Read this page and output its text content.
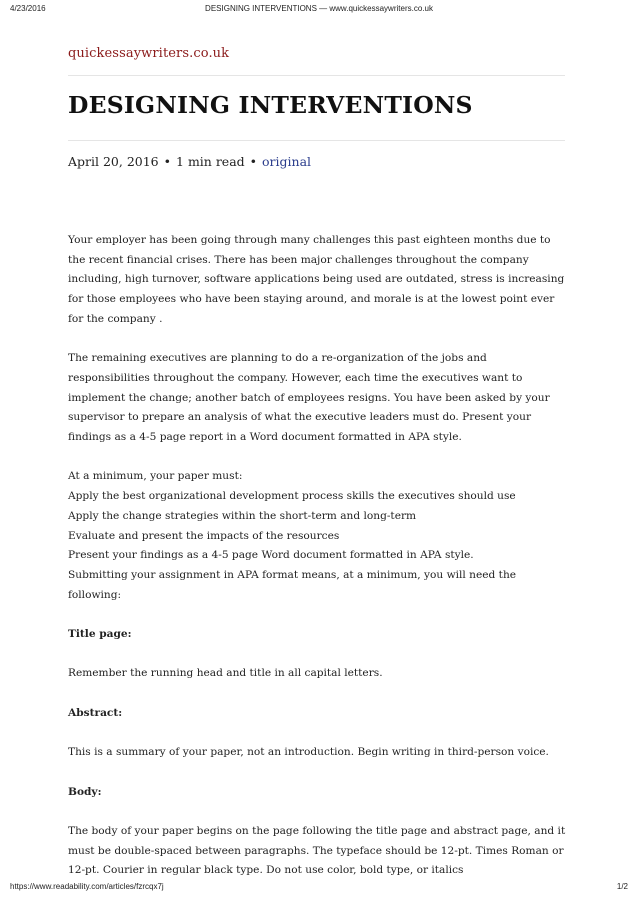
4/23/2016	DESIGNING INTERVENTIONS — www.quickessaywriters.co.uk
quickessaywriters.co.uk
DESIGNING INTERVENTIONS
April 20, 2016 • 1 min read • original

Your employer has been going through many challenges this past eighteen months due to the recent financial crises. There has been major challenges throughout the company including, high turnover, software applications being used are outdated, stress is increasing for those employees who have been staying around, and morale is at the lowest point ever for the company .

The remaining executives are planning to do a re-organization of the jobs and responsibilities throughout the company. However, each time the executives want to implement the change; another batch of employees resigns. You have been asked by your supervisor to prepare an analysis of what the executive leaders must do. Present your findings as a 4-5 page report in a Word document formatted in APA style.

At a minimum, your paper must:
Apply the best organizational development process skills the executives should use
Apply the change strategies within the short-term and long-term
Evaluate and present the impacts of the resources
Present your findings as a 4-5 page Word document formatted in APA style.
Submitting your assignment in APA format means, at a minimum, you will need the following:

Title page:

Remember the running head and title in all capital letters.

Abstract:

This is a summary of your paper, not an introduction. Begin writing in third-person voice.

Body:

The body of your paper begins on the page following the title page and abstract page, and it must be double-spaced between paragraphs. The typeface should be 12-pt. Times Roman or 12-pt. Courier in regular black type. Do not use color, bold type, or italics

https://www.readability.com/articles/fzrcqx7j	1/2
